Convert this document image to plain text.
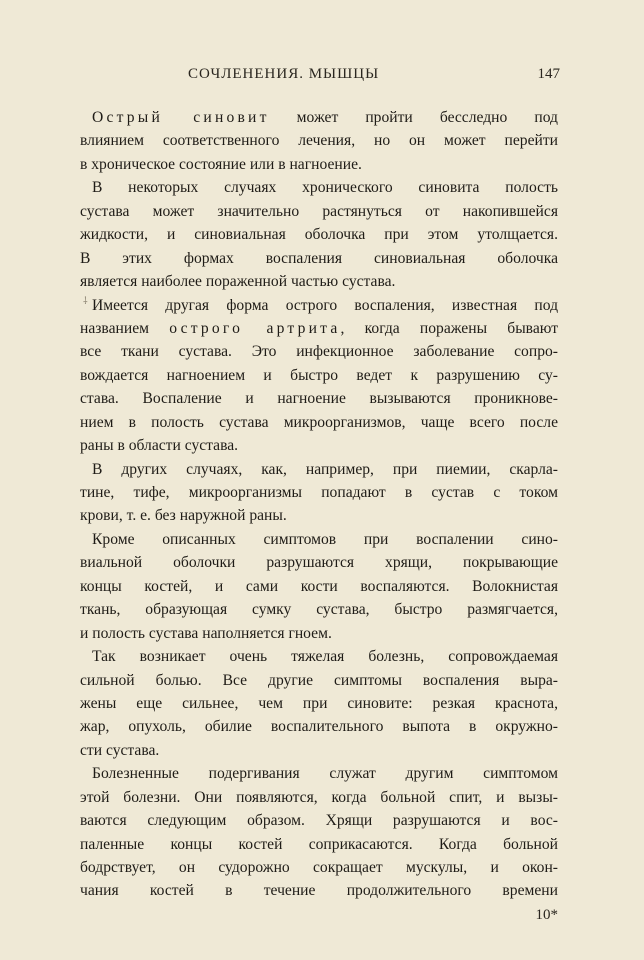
СОЧЛЕНЕНИЯ. МЫШЦЫ	147
⸸
Острый синовит может пройти бесследно под
влиянием соответственного лечения, но он может перейти
в хроническое состояние или в нагноение.
В некоторых случаях хронического синовита полость
сустава может значительно растянуться от накопившейся
жидкости, и синовиальная оболочка при этом утолщается.
В этих формах воспаления синовиальная оболочка
является наиболее пораженной частью сустава.
Имеется другая форма острого воспаления, известная под
названием острого артрита, когда поражены бывают
все ткани сустава. Это инфекционное заболевание сопро-
вождается нагноением и быстро ведет к разрушению су-
става. Воспаление и нагноение вызываются проникнове-
нием в полость сустава микроорганизмов, чаще всего после
раны в области сустава.
В других случаях, как, например, при пиемии, скарла-
тине, тифе, микроорганизмы попадают в сустав с током
крови, т. е. без наружной раны.
Кроме описанных симптомов при воспалении сино-
виальной оболочки разрушаются хрящи, покрывающие
концы костей, и сами кости воспаляются. Волокнистая
ткань, образующая сумку сустава, быстро размягчается,
и полость сустава наполняется гноем.
Так возникает очень тяжелая болезнь, сопровождаемая
сильной болью. Все другие симптомы воспаления выра-
жены еще сильнее, чем при синовите: резкая краснота,
жар, опухоль, обилие воспалительного выпота в окружно-
сти сустава.
Болезненные подергивания служат другим симптомом
этой болезни. Они появляются, когда больной спит, и вызы-
ваются следующим образом. Хрящи разрушаются и вос-
паленные концы костей соприкасаются. Когда больной
бодрствует, он судорожно сокращает мускулы, и окон-
чания костей в течение продолжительного времени
10*
